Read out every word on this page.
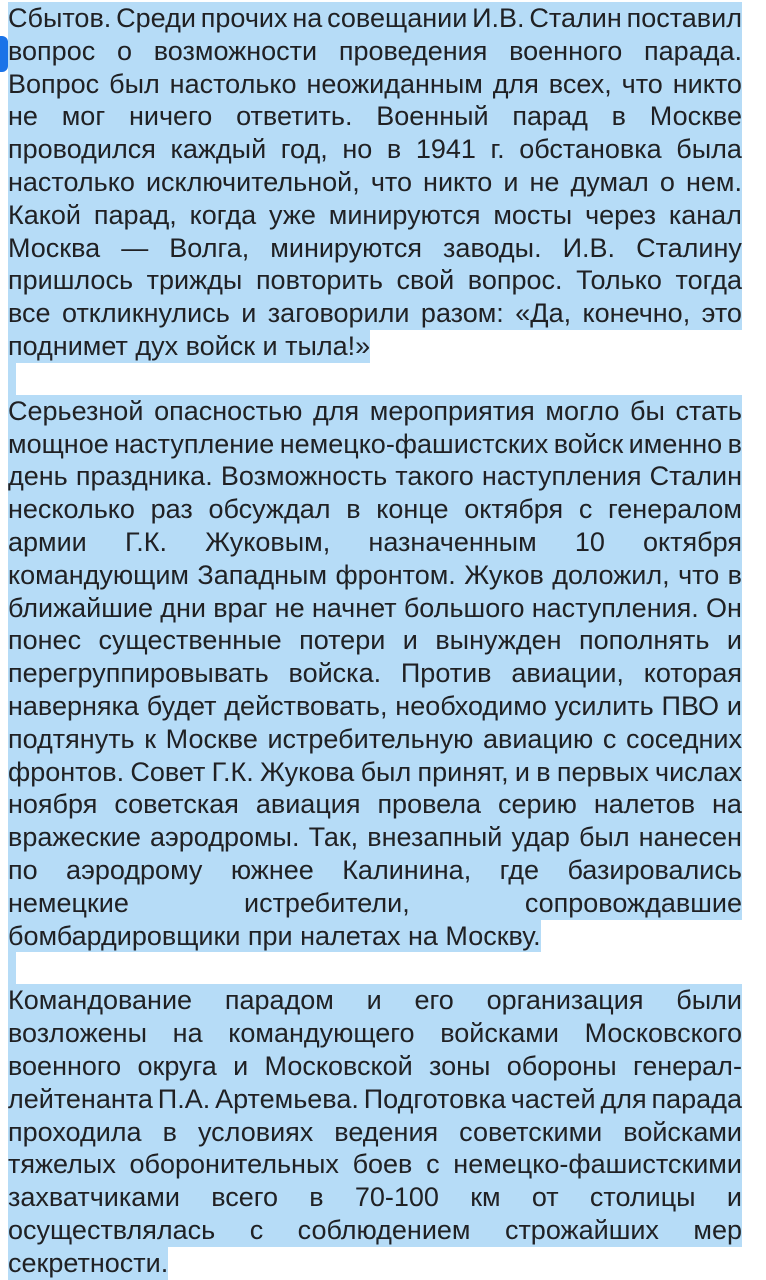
Сбытов. Среди прочих на совещании И.В. Сталин поставил
вопрос о возможности проведения военного парада.
Вопрос был настолько неожиданным для всех, что никто
не мог ничего ответить. Военный парад в Москве
проводился каждый год, но в 1941 г. обстановка была
настолько исключительной, что никто и не думал о нем.
Какой парад, когда уже минируются мосты через канал
Москва — Волга, минируются заводы. И.В. Сталину
пришлось трижды повторить свой вопрос. Только тогда
все откликнулись и заговорили разом: «Да, конечно, это
поднимет дух войск и тыла!»
Серьезной опасностью для мероприятия могло бы стать
мощное наступление немецко-фашистских войск именно в
день праздника. Возможность такого наступления Сталин
несколько раз обсуждал в конце октября с генералом
армии Г.К. Жуковым, назначенным 10 октября
командующим Западным фронтом. Жуков доложил, что в
ближайшие дни враг не начнет большого наступления. Он
понес существенные потери и вынужден пополнять и
перегруппировывать войска. Против авиации, которая
наверняка будет действовать, необходимо усилить ПВО и
подтянуть к Москве истребительную авиацию с соседних
фронтов. Совет Г.К. Жукова был принят, и в первых числах
ноября советская авиация провела серию налетов на
вражеские аэродромы. Так, внезапный удар был нанесен
по аэродрому южнее Калинина, где базировались
немецкие	истребители,	сопровождавшие
бомбардировщики при налетах на Москву.
Командование парадом и его организация были
возложены на командующего войсками Московского
военного округа и Московской зоны обороны генерал-
лейтенанта П.А. Артемьева. Подготовка частей для парада
проходила в условиях ведения советскими войсками
тяжелых оборонительных боев с немецко-фашистскими
захватчиками всего в 70-100 км от столицы и
осуществлялась с соблюдением строжайших мер
секретности.
